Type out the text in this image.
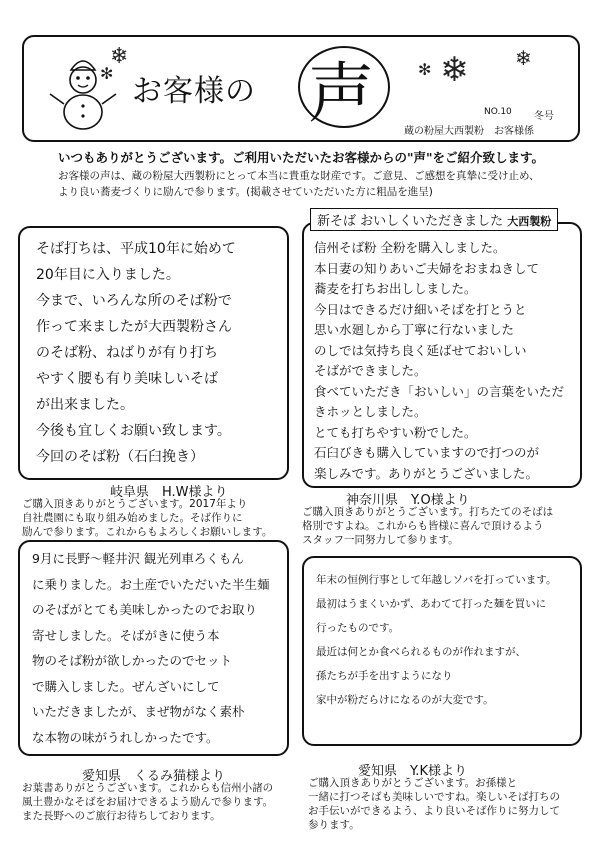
❄
✻	❄ ❄
✻
お客様の 声	NO.10 冬号
蔵の粉屋大西製粉　お客様係
いつもありがとうございます。ご利用いただいたお客様からの"声"をご紹介致します。
お客様の声は、蔵の粉屋大西製粉にとって本当に貴重な財産です。ご意見、ご感想を真摯に受け止め、
より良い蕎麦づくりに励んで参ります。(掲載させていただいた方に粗品を進呈)
そば打ちは、平成10年に始めて
20年目に入りました。
今まで、いろんな所のそば粉で
作って来ましたが大西製粉さん
のそば粉、ねばりが有り打ち
やすく腰も有り美味しいそば
が出来ました。
今後も宜しくお願い致します。
今回のそば粉（石臼挽き）
岐阜県　H.W様より
ご購入頂きありがとうございます。2017年より
自社農園にも取り組み始めました。そば作りに
励んで参ります。これからもよろしくお願いします。
信州そば粉 全粉を購入しました。
本日妻の知りあいご夫婦をおまねきして
蕎麦を打ちお出ししました。
今日はできるだけ細いそばを打とうと
思い水廻しから丁寧に行ないました
のしでは気持ち良く延ばせておいしい
そばができました。
食べていただき「おいしい」の言葉をいただ
きホッとしました。
とても打ちやすい粉でした。
石臼びきも購入していますので打つのが
楽しみです。ありがとうございました。
新そば おいしくいただきました 大西製粉
神奈川県　Y.O様より
ご購入頂きありがとうございます。打ちたてのそばは
格別ですよね。これからも皆様に喜んで頂けるよう
スタッフ一同努力して参ります。
9月に長野～軽井沢 観光列車ろくもん
に乗りました。お土産でいただいた半生麺
のそばがとても美味しかったのでお取り
寄せしました。そばがきに使う本
物のそば粉が欲しかったのでセット
で購入しました。ぜんざいにして
いただきましたが、まぜ物がなく素朴
な本物の味がうれしかったです。
愛知県　くるみ猫様より
お葉書ありがとうございます。これからも信州小諸の
風土豊かなそばをお届けできるよう励んで参ります。
また長野へのご旅行お待ちしております。
年末の恒例行事として年越しソバを打っています。
最初はうまくいかず、あわてて打った麺を買いに
行ったものです。
最近は何とか食べられるものが作れますが、
孫たちが手を出すようになり
家中が粉だらけになるのが大変です。
愛知県　Y.K様より
ご購入頂きありがとうございます。お孫様と
一緒に打つそばも美味しいですね。楽しいそば打ちの
お手伝いができるよう、より良いそば作りに努力して
参ります。
